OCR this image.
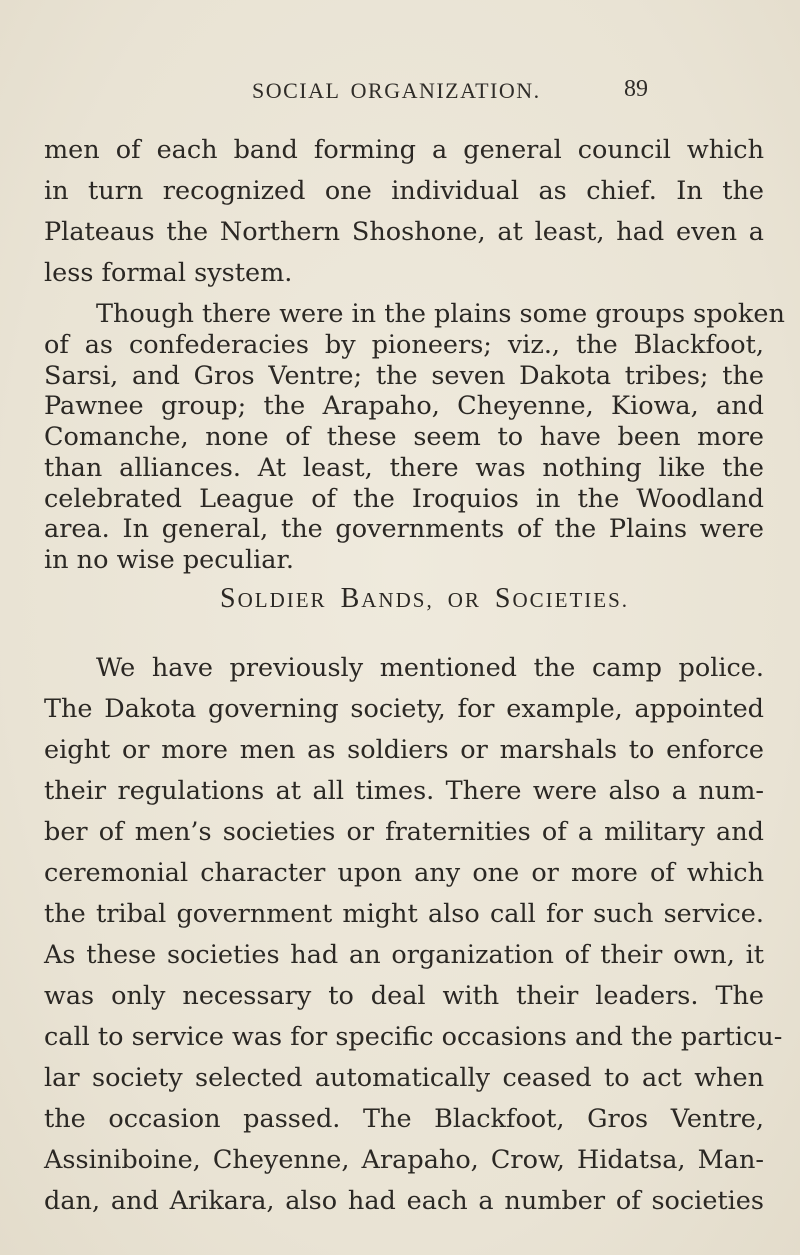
SOCIAL ORGANIZATION.	89
men of each band forming a general council which
in turn recognized one individual as chief. In the
Plateaus the Northern Shoshone, at least, had even a
less formal system.
Though there were in the plains some groups spoken
of as confederacies by pioneers; viz., the Blackfoot,
Sarsi, and Gros Ventre; the seven Dakota tribes; the
Pawnee group; the Arapaho, Cheyenne, Kiowa, and
Comanche, none of these seem to have been more
than alliances. At least, there was nothing like the
celebrated League of the Iroquios in the Woodland
area. In general, the governments of the Plains were
in no wise peculiar.
SOLDIER BANDS, OR SOCIETIES.
We have previously mentioned the camp police.
The Dakota governing society, for example, appointed
eight or more men as soldiers or marshals to enforce
their regulations at all times. There were also a num-
ber of men’s societies or fraternities of a military and
ceremonial character upon any one or more of which
the tribal government might also call for such service.
As these societies had an organization of their own, it
was only necessary to deal with their leaders. The
call to service was for specific occasions and the particu-
lar society selected automatically ceased to act when
the occasion passed. The Blackfoot, Gros Ventre,
Assiniboine, Cheyenne, Arapaho, Crow, Hidatsa, Man-
dan, and Arikara, also had each a number of societies
